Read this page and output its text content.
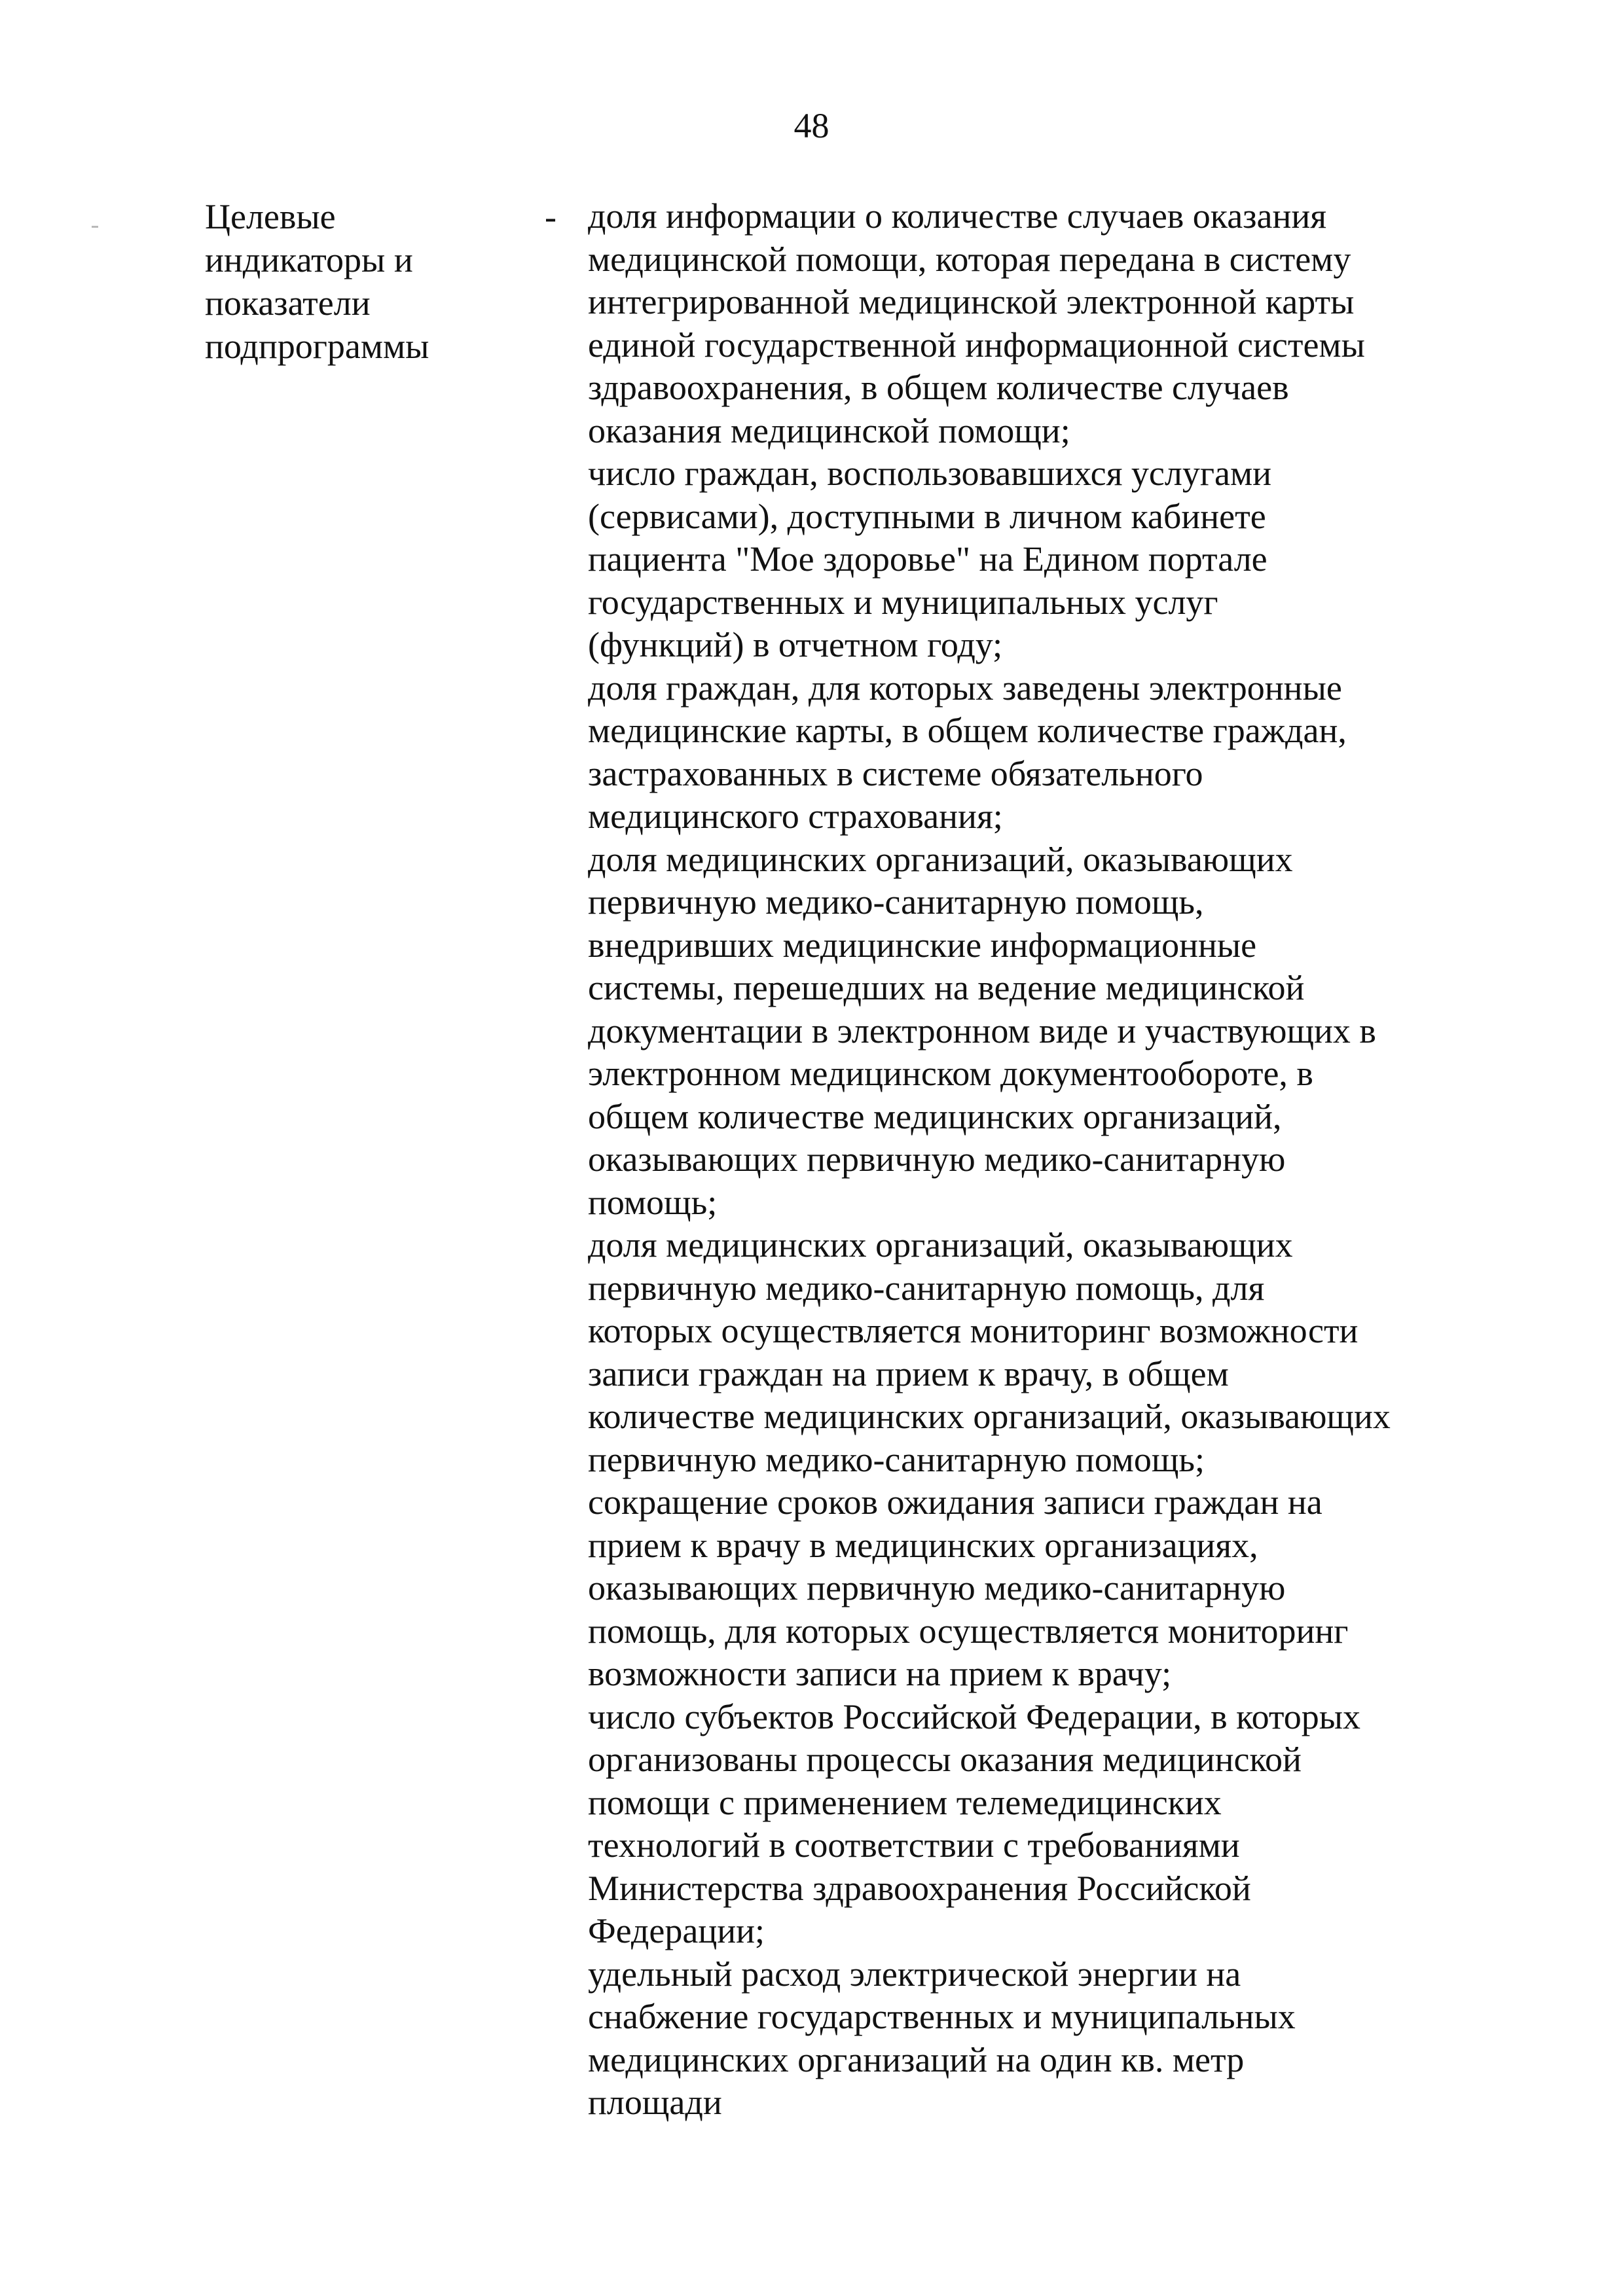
48
Целевые
индикаторы и
показатели
подпрограммы
- доля информации о количестве случаев оказания
медицинской помощи, которая передана в систему
интегрированной медицинской электронной карты
единой государственной информационной системы
здравоохранения, в общем количестве случаев
оказания медицинской помощи;
число граждан, воспользовавшихся услугами
(сервисами), доступными в личном кабинете
пациента "Мое здоровье" на Едином портале
государственных и муниципальных услуг
(функций) в отчетном году;
доля граждан, для которых заведены электронные
медицинские карты, в общем количестве граждан,
застрахованных в системе обязательного
медицинского страхования;
доля медицинских организаций, оказывающих
первичную медико-санитарную помощь,
внедривших медицинские информационные
системы, перешедших на ведение медицинской
документации в электронном виде и участвующих в
электронном медицинском документообороте, в
общем количестве медицинских организаций,
оказывающих первичную медико-санитарную
помощь;
доля медицинских организаций, оказывающих
первичную медико-санитарную помощь, для
которых осуществляется мониторинг возможности
записи граждан на прием к врачу, в общем
количестве медицинских организаций, оказывающих
первичную медико-санитарную помощь;
сокращение сроков ожидания записи граждан на
прием к врачу в медицинских организациях,
оказывающих первичную медико-санитарную
помощь, для которых осуществляется мониторинг
возможности записи на прием к врачу;
число субъектов Российской Федерации, в которых
организованы процессы оказания медицинской
помощи с применением телемедицинских
технологий в соответствии с требованиями
Министерства здравоохранения Российской
Федерации;
удельный расход электрической энергии на
снабжение государственных и муниципальных
медицинских организаций на один кв. метр
площади
